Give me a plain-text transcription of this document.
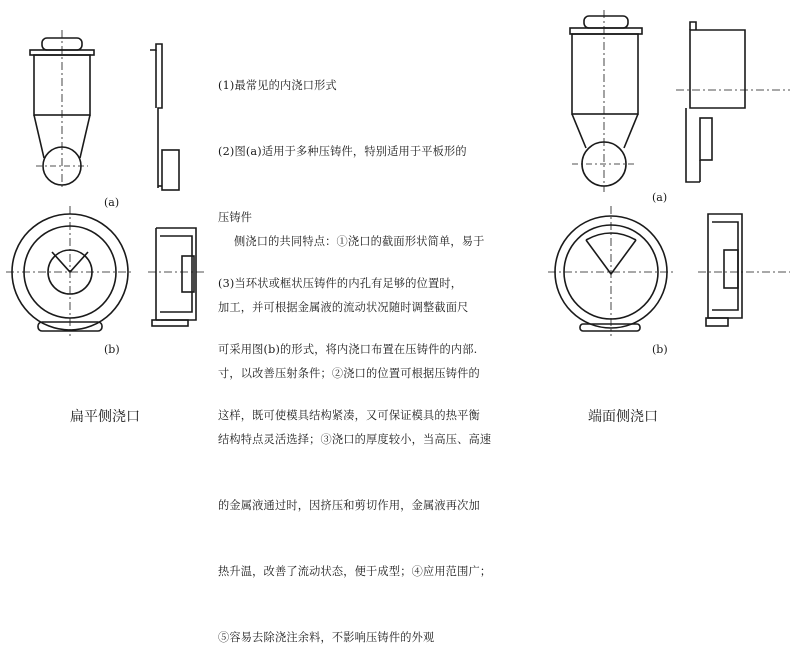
(a)
(b)
(a)
(b)

(1)最常见的内浇口形式

(2)图(a)适用于多种压铸件，特别适用于平板形的

压铸件

(3)当环状或框状压铸件的内孔有足够的位置时，

可采用图(b)的形式，将内浇口布置在压铸件的内部.

这样，既可使模具结构紧凑，又可保证模具的热平衡

侧浇口的共同特点：①浇口的截面形状简单，易于

加工，并可根据金属液的流动状况随时调整截面尺

寸，以改善压射条件；②浇口的位置可根据压铸件的

结构特点灵活选择；③浇口的厚度较小，当高压、高速

的金属液通过时，因挤压和剪切作用，金属液再次加

热升温，改善了流动状态，便于成型；④应用范围广；

⑤容易去除浇注余料，不影响压铸件的外观

扁平侧浇口	端面侧浇口
